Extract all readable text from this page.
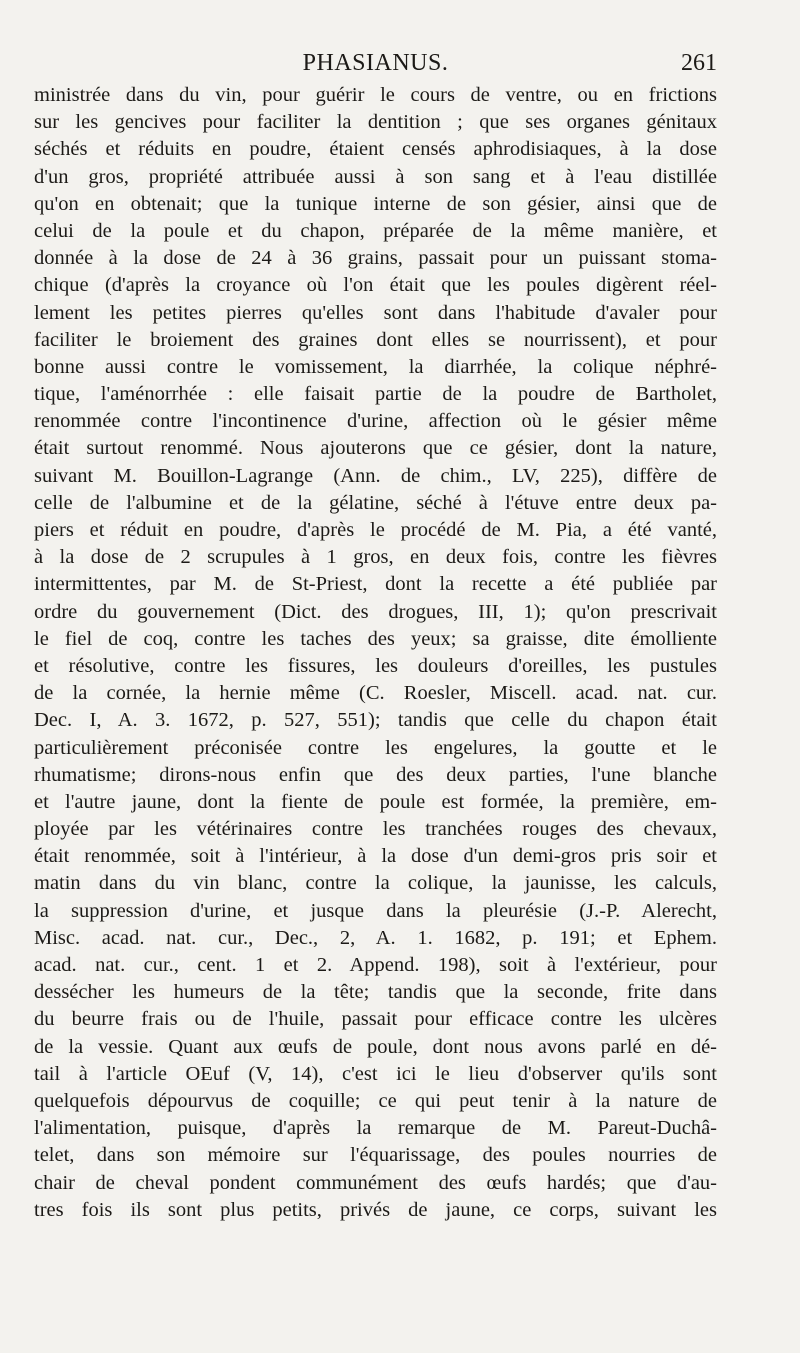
PHASIANUS.	261
ministrée dans du vin, pour guérir le cours de ventre, ou en frictions
sur les gencives pour faciliter la dentition ; que ses organes génitaux
séchés et réduits en poudre, étaient censés aphrodisiaques, à la dose
d'un gros, propriété attribuée aussi à son sang et à l'eau distillée
qu'on en obtenait; que la tunique interne de son gésier, ainsi que de
celui de la poule et du chapon, préparée de la même manière, et
donnée à la dose de 24 à 36 grains, passait pour un puissant stoma-
chique (d'après la croyance où l'on était que les poules digèrent réel-
lement les petites pierres qu'elles sont dans l'habitude d'avaler pour
faciliter le broiement des graines dont elles se nourrissent), et pour
bonne aussi contre le vomissement, la diarrhée, la colique néphré-
tique, l'aménorrhée : elle faisait partie de la poudre de Bartholet,
renommée contre l'incontinence d'urine, affection où le gésier même
était surtout renommé. Nous ajouterons que ce gésier, dont la nature,
suivant M. Bouillon-Lagrange (Ann. de chim., LV, 225), diffère de
celle de l'albumine et de la gélatine, séché à l'étuve entre deux pa-
piers et réduit en poudre, d'après le procédé de M. Pia, a été vanté,
à la dose de 2 scrupules à 1 gros, en deux fois, contre les fièvres
intermittentes, par M. de St-Priest, dont la recette a été publiée par
ordre du gouvernement (Dict. des drogues, III, 1); qu'on prescrivait
le fiel de coq, contre les taches des yeux; sa graisse, dite émolliente
et résolutive, contre les fissures, les douleurs d'oreilles, les pustules
de la cornée, la hernie même (C. Roesler, Miscell. acad. nat. cur.
Dec. I, A. 3. 1672, p. 527, 551); tandis que celle du chapon était
particulièrement préconisée contre les engelures, la goutte et le
rhumatisme; dirons-nous enfin que des deux parties, l'une blanche
et l'autre jaune, dont la fiente de poule est formée, la première, em-
ployée par les vétérinaires contre les tranchées rouges des chevaux,
était renommée, soit à l'intérieur, à la dose d'un demi-gros pris soir et
matin dans du vin blanc, contre la colique, la jaunisse, les calculs,
la suppression d'urine, et jusque dans la pleurésie (J.-P. Alerecht,
Misc. acad. nat. cur., Dec., 2, A. 1. 1682, p. 191; et Ephem.
acad. nat. cur., cent. 1 et 2. Append. 198), soit à l'extérieur, pour
dessécher les humeurs de la tête; tandis que la seconde, frite dans
du beurre frais ou de l'huile, passait pour efficace contre les ulcères
de la vessie. Quant aux œufs de poule, dont nous avons parlé en dé-
tail à l'article OEuf (V, 14), c'est ici le lieu d'observer qu'ils sont
quelquefois dépourvus de coquille; ce qui peut tenir à la nature de
l'alimentation, puisque, d'après la remarque de M. Pareut-Duchâ-
telet, dans son mémoire sur l'équarissage, des poules nourries de
chair de cheval pondent communément des œufs hardés; que d'au-
tres fois ils sont plus petits, privés de jaune, ce corps, suivant les
